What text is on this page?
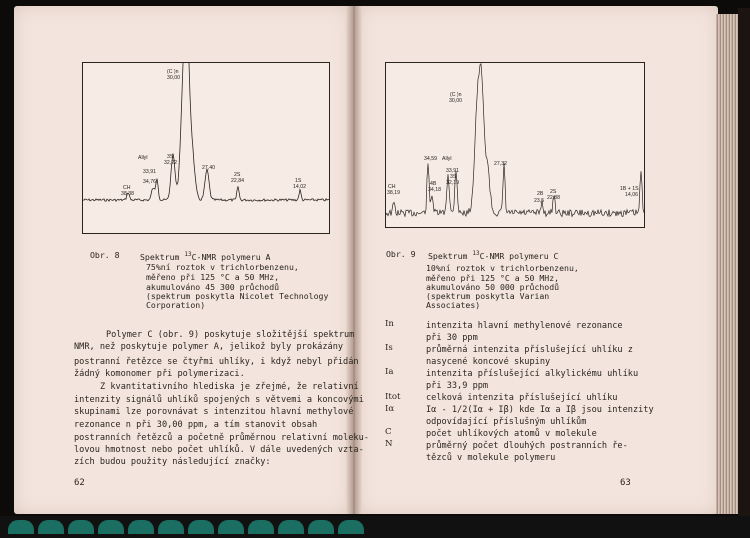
CH
38,38
34,76
33,91
Allyl	3S
32,22
(C )n
30,00
27,40
2S
22,84	1S
14,02
Obr. 8 Spektrum $^{13}$C-NMR polymeru A
75%ní roztok v trichlorbenzenu,
měřeno při 125 °C a 50 MHz,
akumulováno 45 300 průchodů
(spektrum poskytla Nicolet Technology
Corporation)
Polymer C (obr. 9) poskytuje složitější spektrum
NMR, než poskytuje polymer A, jelikož byly prokázány
postranní řetězce se čtyřmi uhlíky, i když nebyl přidán
žádný komonomer při polymerizaci.
Z kvantitativního hlediska je zřejmé, že relativní
intenzity signálů uhlíků spojených s větvemi a koncovými
skupinami lze porovnávat s intenzitou hlavní methylové
rezonance n při 30,00 ppm, a tím stanovit obsah
postranních řetězců a početně průměrnou relativní moleku-
lovou hmotnost nebo počet uhlíků. V dále uvedených vzta-
zích budou použity následující značky:
62
CH
38,19
4B
34,18
34,59 Allyl
33,91
3S
32,19
(C )n
30,00
27,32
2B
23,5
2S
22,88
1B + 1S
14,06
Obr. 9 Spektrum $^{13}$C-NMR polymeru C
10%ní roztok v trichlorbenzenu,
měřeno při 125 °C a 50 MHz,
akumulováno 50 000 průchodů
(spektrum poskytla Varian
Associates)
In	intenzita hlavní methylenové rezonance
při 30 ppm
Is	průměrná intenzita příslušející uhlíku z
nasycené koncové skupiny
Ia	intenzita příslušející alkylickému uhlíku
při 33,9 ppm
Itot	celková intenzita příslušející uhlíku
Iα	Iα - 1/2(Iα + Iβ) kde Iα a Iβ jsou intenzity
odpovídající příslušným uhlíkům
C	počet uhlíkových atomů v molekule
N	průměrný počet dlouhých postranních ře-
tězců v molekule polymeru
63
